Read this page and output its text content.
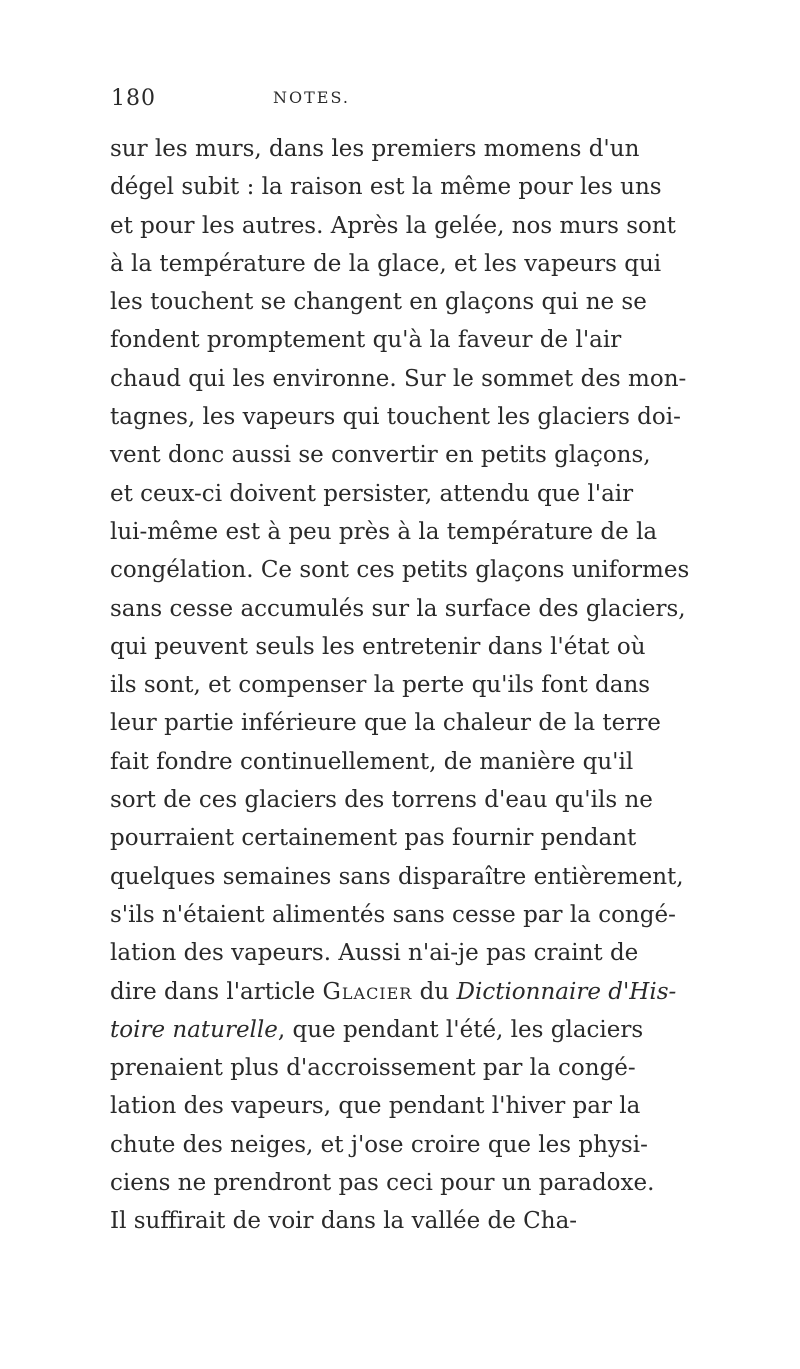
180	NOTES.
sur les murs, dans les premiers momens d'un
dégel subit : la raison est la même pour les uns
et pour les autres. Après la gelée, nos murs sont
à la température de la glace, et les vapeurs qui
les touchent se changent en glaçons qui ne se
fondent promptement qu'à la faveur de l'air
chaud qui les environne. Sur le sommet des mon-
tagnes, les vapeurs qui touchent les glaciers doi-
vent donc aussi se convertir en petits glaçons,
et ceux-ci doivent persister, attendu que l'air
lui-même est à peu près à la température de la
congélation. Ce sont ces petits glaçons uniformes
sans cesse accumulés sur la surface des glaciers,
qui peuvent seuls les entretenir dans l'état où
ils sont, et compenser la perte qu'ils font dans
leur partie inférieure que la chaleur de la terre
fait fondre continuellement, de manière qu'il
sort de ces glaciers des torrens d'eau qu'ils ne
pourraient certainement pas fournir pendant
quelques semaines sans disparaître entièrement,
s'ils n'étaient alimentés sans cesse par la congé-
lation des vapeurs. Aussi n'ai-je pas craint de
dire dans l'article Glacier du Dictionnaire d'His-
toire naturelle, que pendant l'été, les glaciers
prenaient plus d'accroissement par la congé-
lation des vapeurs, que pendant l'hiver par la
chute des neiges, et j'ose croire que les physi-
ciens ne prendront pas ceci pour un paradoxe.
Il suffirait de voir dans la vallée de Cha-
